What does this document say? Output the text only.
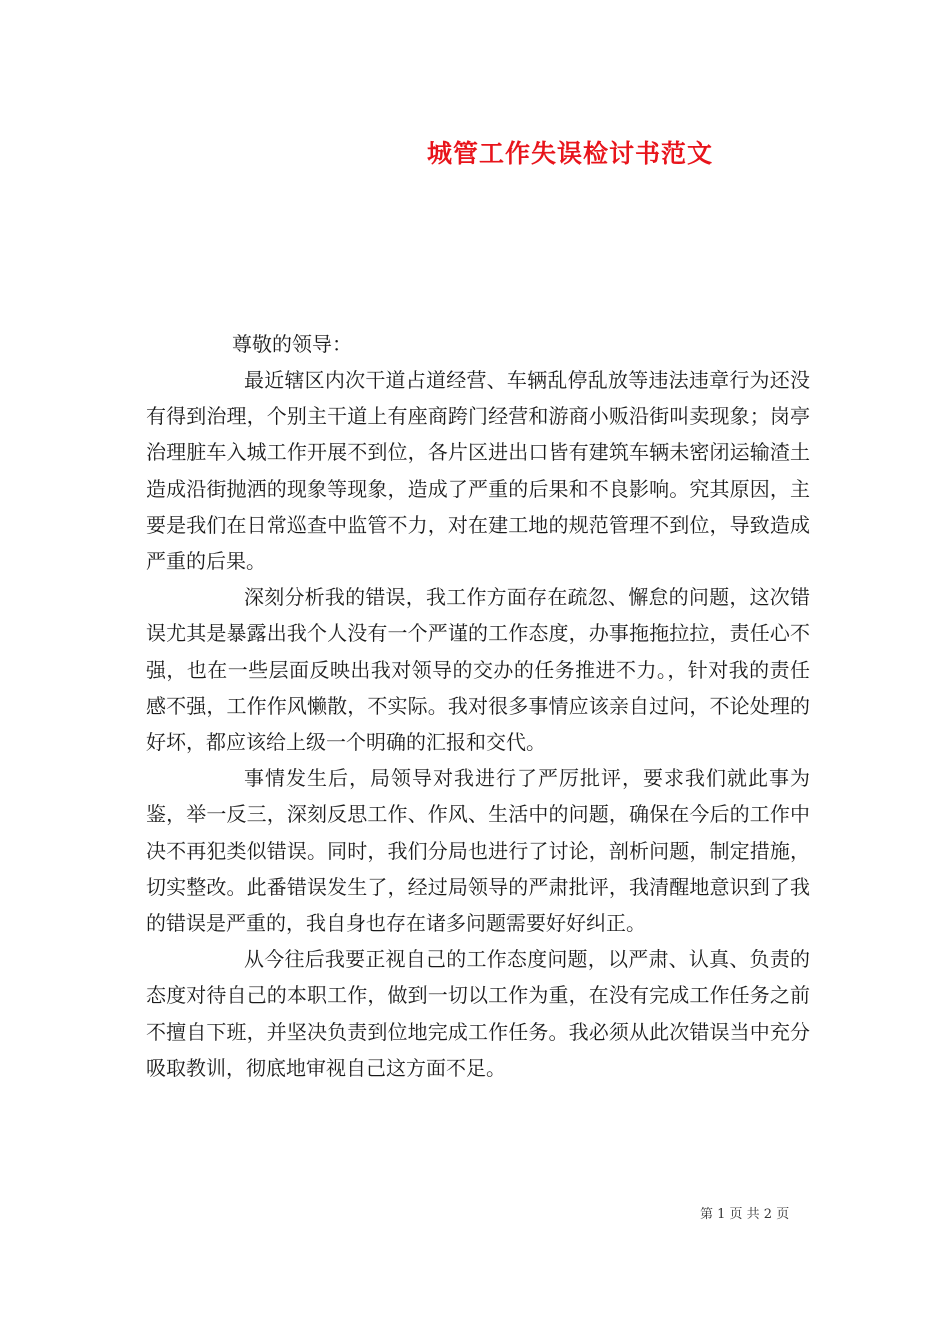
城管工作失误检讨书范文
尊敬的领导：

最近辖区内次干道占道经营、车辆乱停乱放等违法违章行为还没有得到治理，个别主干道上有座商跨门经营和游商小贩沿街叫卖现象；岗亭治理脏车入城工作开展不到位，各片区进出口皆有建筑车辆未密闭运输渣土造成沿街抛洒的现象等现象，造成了严重的后果和不良影响。究其原因，主要是我们在日常巡查中监管不力，对在建工地的规范管理不到位，导致造成严重的后果。

深刻分析我的错误，我工作方面存在疏忽、懈怠的问题，这次错误尤其是暴露出我个人没有一个严谨的工作态度，办事拖拖拉拉，责任心不强，也在一些层面反映出我对领导的交办的任务推进不力。，针对我的责任感不强，工作作风懒散，不实际。我对很多事情应该亲自过问，不论处理的好坏，都应该给上级一个明确的汇报和交代。

事情发生后，局领导对我进行了严厉批评，要求我们就此事为鉴，举一反三，深刻反思工作、作风、生活中的问题，确保在今后的工作中决不再犯类似错误。同时，我们分局也进行了讨论，剖析问题，制定措施，切实整改。此番错误发生了，经过局领导的严肃批评，我清醒地意识到了我的错误是严重的，我自身也存在诸多问题需要好好纠正。

从今往后我要正视自己的工作态度问题，以严肃、认真、负责的态度对待自己的本职工作，做到一切以工作为重，在没有完成工作任务之前不擅自下班，并坚决负责到位地完成工作任务。我必须从此次错误当中充分吸取教训，彻底地审视自己这方面不足。

第 1 页 共 2 页
